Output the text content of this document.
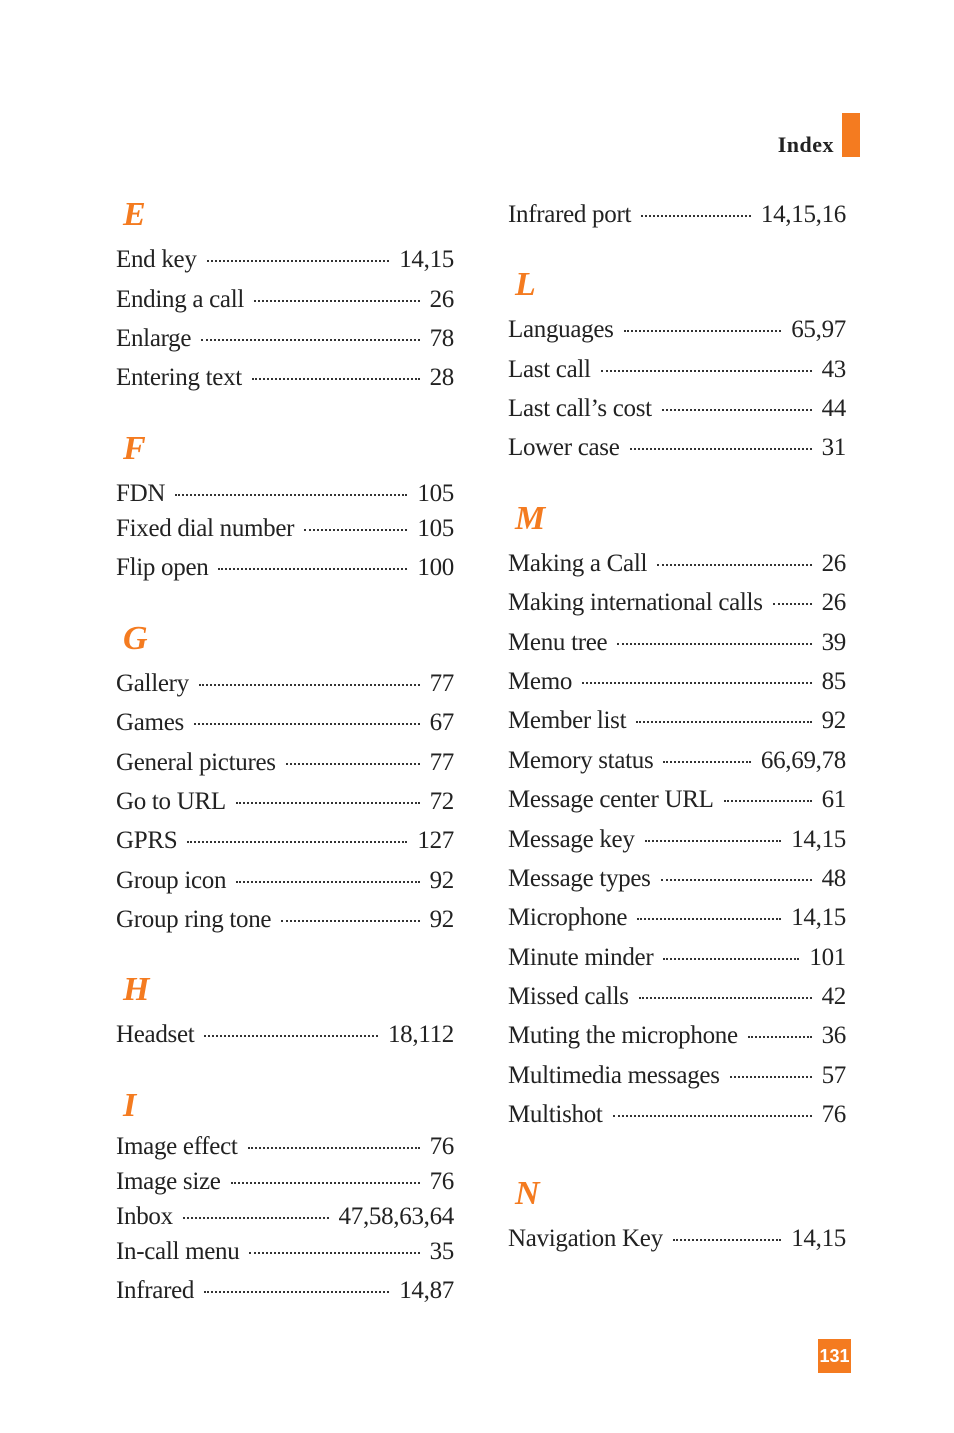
Index
E
End key	14,15
Ending a call	26
Enlarge	78
Entering text	28
F
FDN	105
Fixed dial number	105
Flip open	100
G
Gallery	77
Games	67
General pictures	77
Go to URL	72
GPRS	127
Group icon	92
Group ring tone	92
H
Headset	18,112
I
Image effect	76
Image size	76
Inbox	47,58,63,64
In-call menu	35
Infrared	14,87
Infrared port	14,15,16
L
Languages	65,97
Last call	43
Last call’s cost	44
Lower case	31
M
Making a Call	26
Making international calls 26
Menu tree	39
Memo	85
Member list	92
Memory status	66,69,78
Message center URL	61
Message key	14,15
Message types	48
Microphone	14,15
Minute minder	101
Missed calls	42
Muting the microphone	36
Multimedia messages	57
Multishot	76
N
Navigation Key	14,15
131
